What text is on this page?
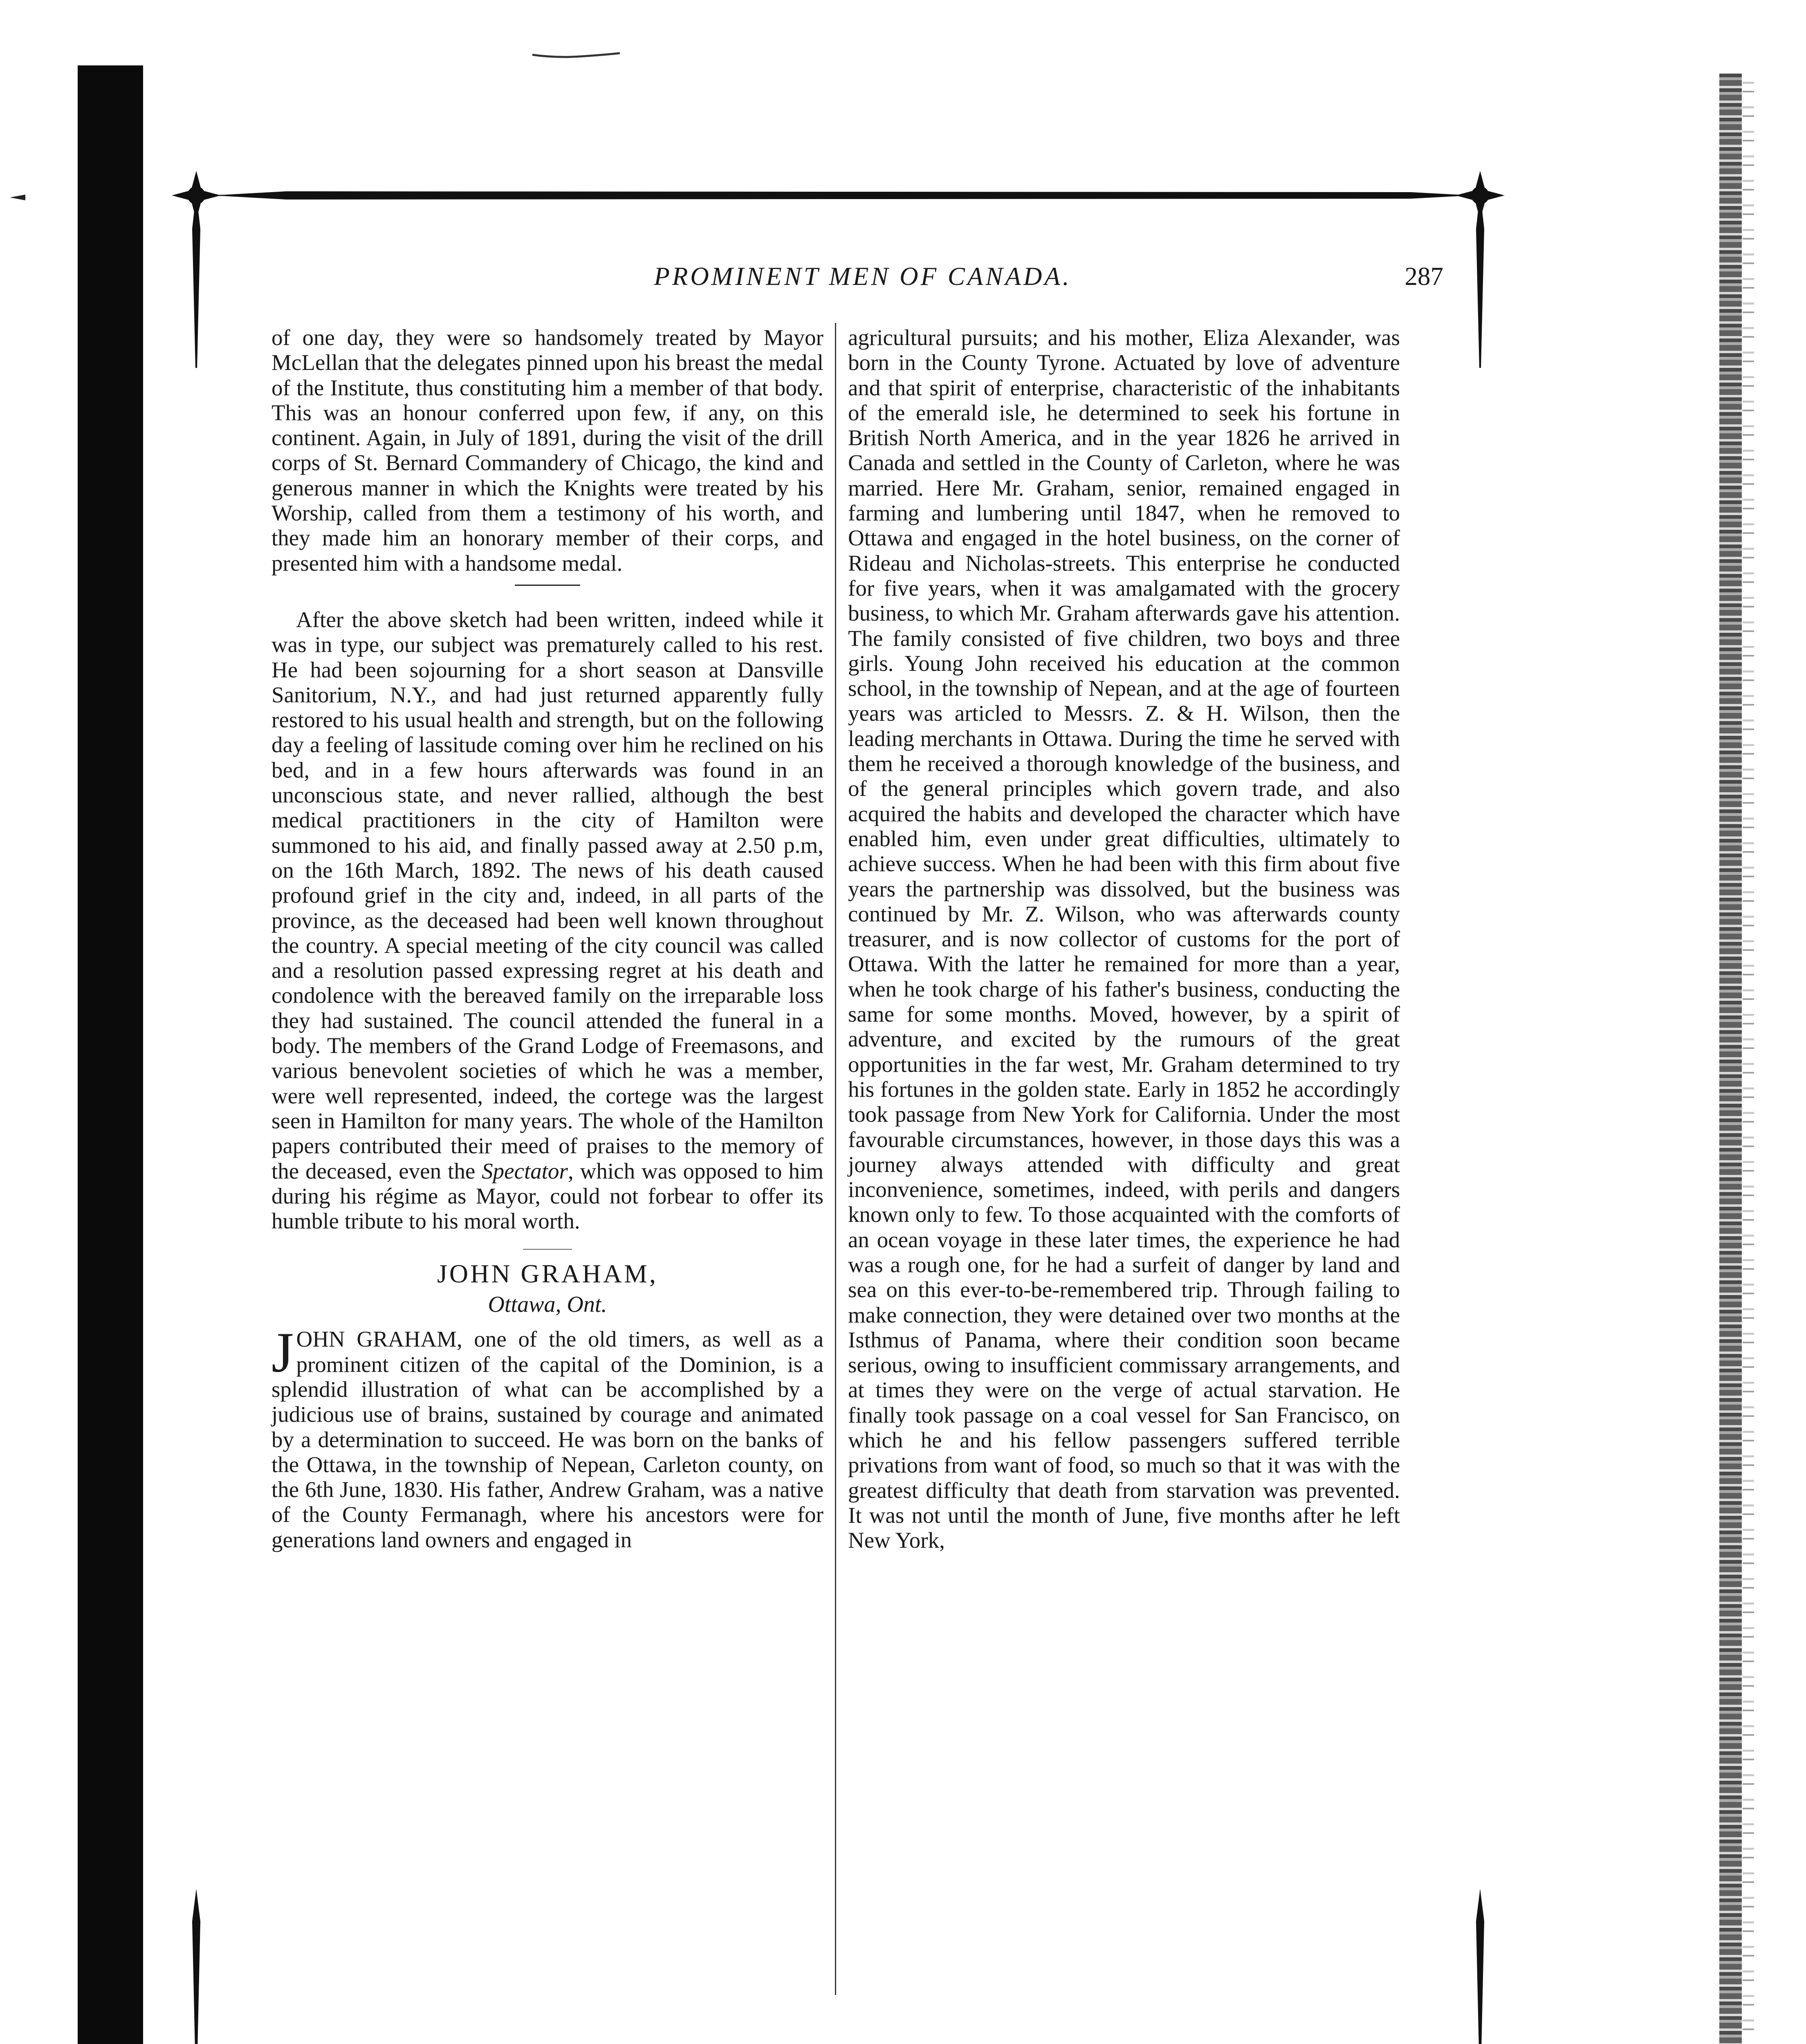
PROMINENT MEN OF CANADA.	287

of one day, they were so handsomely treated by Mayor McLellan that the delegates pinned upon his breast the medal of the Institute, thus constituting him a member of that body. This was an honour conferred upon few, if any, on this continent. Again, in July of 1891, during the visit of the drill corps of St. Bernard Commandery of Chicago, the kind and generous manner in which the Knights were treated by his Worship, called from them a testimony of his worth, and they made him an honorary member of their corps, and presented him with a handsome medal.

After the above sketch had been written, indeed while it was in type, our subject was prematurely called to his rest. He had been sojourning for a short season at Dansville Sanitorium, N.Y., and had just returned apparently fully restored to his usual health and strength, but on the following day a feeling of lassitude coming over him he reclined on his bed, and in a few hours afterwards was found in an unconscious state, and never rallied, although the best medical practitioners in the city of Hamilton were summoned to his aid, and finally passed away at 2.50 p.m, on the 16th March, 1892. The news of his death caused profound grief in the city and, indeed, in all parts of the province, as the deceased had been well known throughout the country. A special meeting of the city council was called and a resolution passed expressing regret at his death and condolence with the bereaved family on the irreparable loss they had sustained. The council attended the funeral in a body. The members of the Grand Lodge of Freemasons, and various benevolent societies of which he was a member, were well represented, indeed, the cortege was the largest seen in Hamilton for many years. The whole of the Hamilton papers contributed their meed of praises to the memory of the deceased, even the Spectator, which was opposed to him during his régime as Mayor, could not forbear to offer its humble tribute to his moral worth.

JOHN GRAHAM,
Ottawa, Ont.

JOHN GRAHAM, one of the old timers, as well as a prominent citizen of the capital of the Dominion, is a splendid illustration of what can be accomplished by a judicious use of brains, sustained by courage and animated by a determination to succeed. He was born on the banks of the Ottawa, in the township of Nepean, Carleton county, on the 6th June, 1830. His father, Andrew Graham, was a native of the County Fermanagh, where his ancestors were for generations land owners and engaged in

agricultural pursuits; and his mother, Eliza Alexander, was born in the County Tyrone. Actuated by love of adventure and that spirit of enterprise, characteristic of the inhabitants of the emerald isle, he determined to seek his fortune in British North America, and in the year 1826 he arrived in Canada and settled in the County of Carleton, where he was married. Here Mr. Graham, senior, remained engaged in farming and lumbering until 1847, when he removed to Ottawa and engaged in the hotel business, on the corner of Rideau and Nicholas-streets. This enterprise he conducted for five years, when it was amalgamated with the grocery business, to which Mr. Graham afterwards gave his attention. The family consisted of five children, two boys and three girls. Young John received his education at the common school, in the township of Nepean, and at the age of fourteen years was articled to Messrs. Z. & H. Wilson, then the leading merchants in Ottawa. During the time he served with them he received a thorough knowledge of the business, and of the general principles which govern trade, and also acquired the habits and developed the character which have enabled him, even under great difficulties, ultimately to achieve success. When he had been with this firm about five years the partnership was dissolved, but the business was continued by Mr. Z. Wilson, who was afterwards county treasurer, and is now collector of customs for the port of Ottawa. With the latter he remained for more than a year, when he took charge of his father's business, conducting the same for some months. Moved, however, by a spirit of adventure, and excited by the rumours of the great opportunities in the far west, Mr. Graham determined to try his fortunes in the golden state. Early in 1852 he accordingly took passage from New York for California. Under the most favourable circumstances, however, in those days this was a journey always attended with difficulty and great inconvenience, sometimes, indeed, with perils and dangers known only to few. To those acquainted with the comforts of an ocean voyage in these later times, the experience he had was a rough one, for he had a surfeit of danger by land and sea on this ever-to-be-remembered trip. Through failing to make connection, they were detained over two months at the Isthmus of Panama, where their condition soon became serious, owing to insufficient commissary arrangements, and at times they were on the verge of actual starvation. He finally took passage on a coal vessel for San Francisco, on which he and his fellow passengers suffered terrible privations from want of food, so much so that it was with the greatest difficulty that death from starvation was prevented. It was not until the month of June, five months after he left New York,
